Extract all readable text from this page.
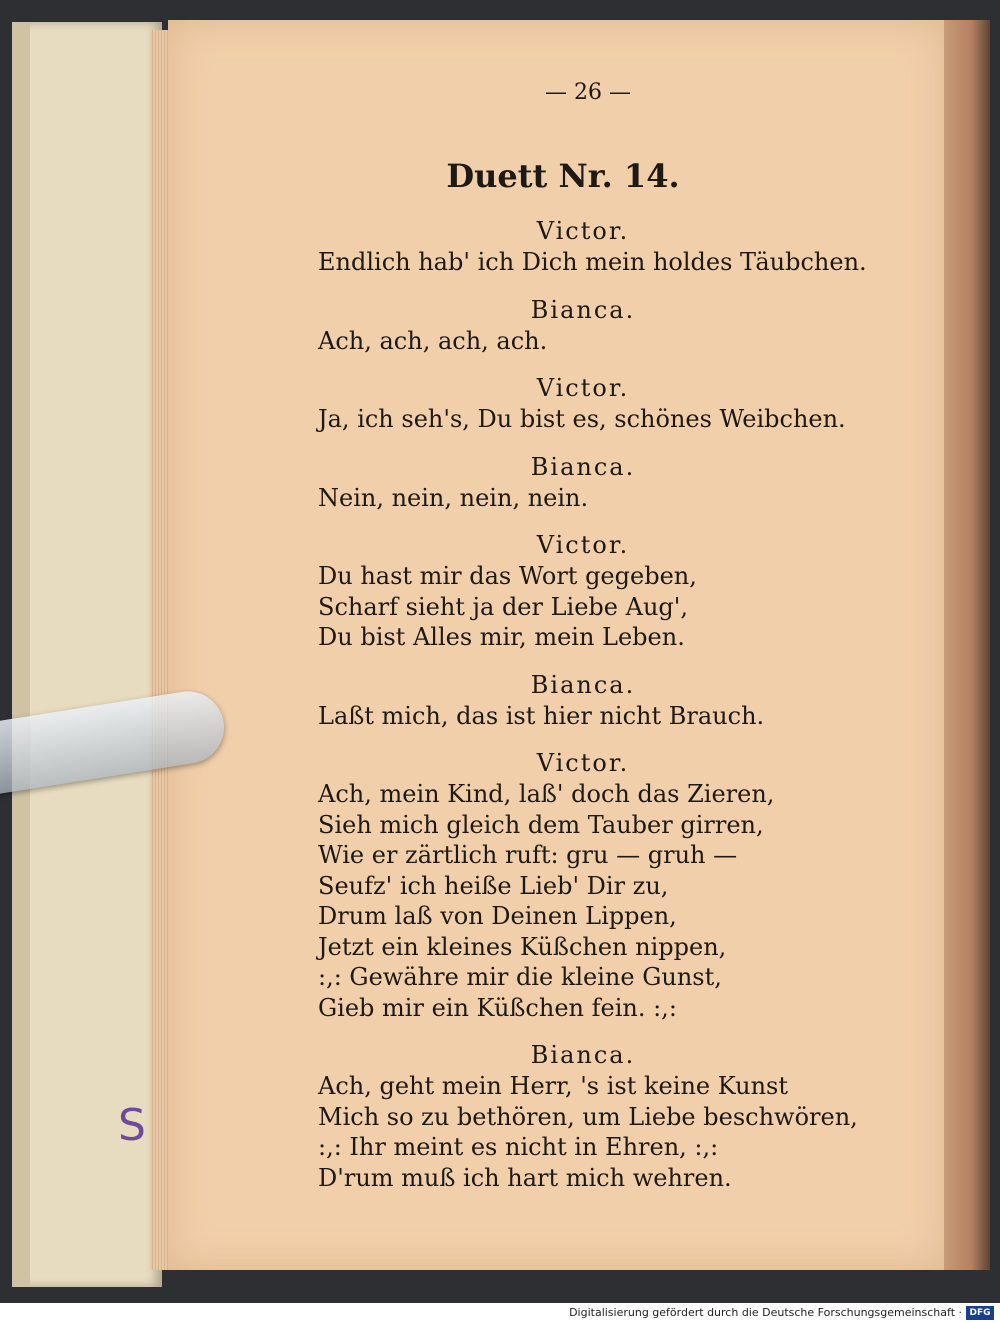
S
— 26 —
Duett Nr. 14.
Victor.
Endlich hab' ich Dich mein holdes Täubchen.
Bianca.
Ach, ach, ach, ach.
Victor.
Ja, ich seh's, Du bist es, schönes Weibchen.
Bianca.
Nein, nein, nein, nein.
Victor.
Du hast mir das Wort gegeben,
Scharf sieht ja der Liebe Aug',
Du bist Alles mir, mein Leben.
Bianca.
Laßt mich, das ist hier nicht Brauch.
Victor.
Ach, mein Kind, laß' doch das Zieren,
Sieh mich gleich dem Tauber girren,
Wie er zärtlich ruft: gru — gruh —
Seufz' ich heiße Lieb' Dir zu,
Drum laß von Deinen Lippen,
Jetzt ein kleines Küßchen nippen,
:,: Gewähre mir die kleine Gunst,
Gieb mir ein Küßchen fein. :,:
Bianca.
Ach, geht mein Herr, 's ist keine Kunst
Mich so zu bethören, um Liebe beschwören,
:,: Ihr meint es nicht in Ehren, :,:
D'rum muß ich hart mich wehren.
Digitalisierung gefördert durch die Deutsche Forschungsgemeinschaft · DFG
